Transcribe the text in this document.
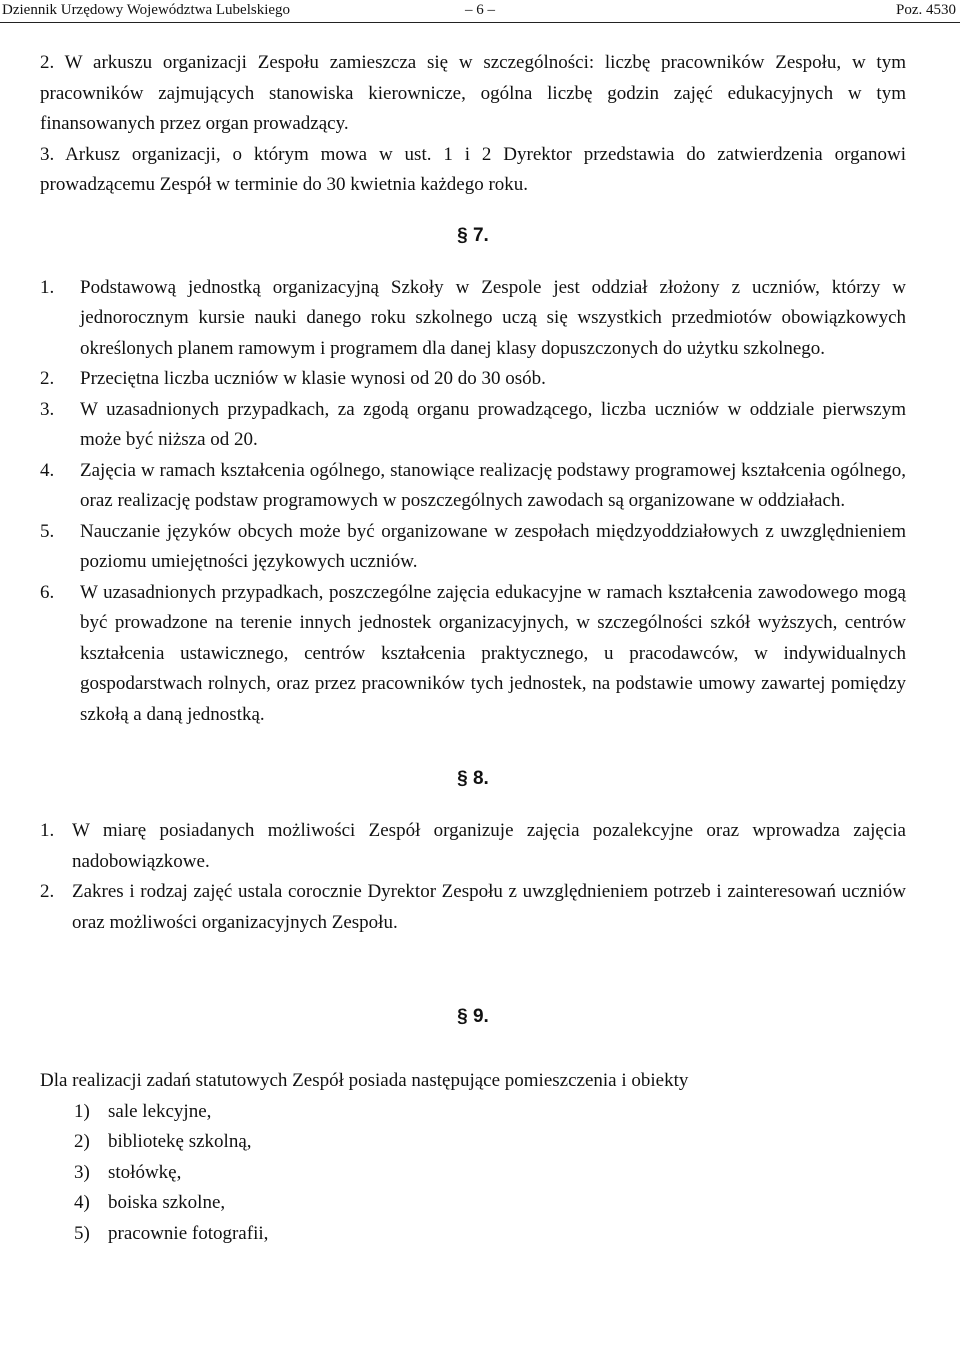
Dziennik Urzędowy Województwa Lubelskiego	– 6 –	Poz. 4530

2. W arkuszu organizacji Zespołu zamieszcza się w szczególności: liczbę pracowników Zespołu, w tym pracowników zajmujących stanowiska kierownicze, ogólna liczbę godzin zajęć edukacyjnych w tym finansowanych przez organ prowadzący.

3. Arkusz organizacji, o którym mowa w ust. 1 i 2 Dyrektor przedstawia do zatwierdzenia organowi prowadzącemu Zespół w terminie do 30 kwietnia każdego roku.

§ 7.
1.	Podstawową jednostką organizacyjną Szkoły w Zespole jest oddział złożony z uczniów, którzy w jednorocznym kursie nauki danego roku szkolnego uczą się wszystkich przedmiotów obowiązkowych określonych planem ramowym i programem dla danej klasy dopuszczonych do użytku szkolnego.
2.	Przeciętna liczba uczniów w klasie wynosi od 20 do 30 osób.
3.	W uzasadnionych przypadkach, za zgodą organu prowadzącego, liczba uczniów w oddziale pierwszym może być niższa od 20.
4.	Zajęcia w ramach kształcenia ogólnego, stanowiące realizację podstawy programowej kształcenia ogólnego, oraz realizację podstaw programowych w poszczególnych zawodach są organizowane w oddziałach.
5.	Nauczanie języków obcych może być organizowane w zespołach międzyoddziałowych z uwzględnieniem poziomu umiejętności językowych uczniów.
6.	W uzasadnionych przypadkach, poszczególne zajęcia edukacyjne w ramach kształcenia zawodowego mogą być prowadzone na terenie innych jednostek organizacyjnych, w szczególności szkół wyższych, centrów kształcenia ustawicznego, centrów kształcenia praktycznego, u pracodawców, w indywidualnych gospodarstwach rolnych, oraz przez pracowników tych jednostek, na podstawie umowy zawartej pomiędzy szkołą a daną jednostką.
§ 8.
1. W miarę posiadanych możliwości Zespół organizuje zajęcia pozalekcyjne oraz wprowadza zajęcia nadobowiązkowe.
2. Zakres i rodzaj zajęć ustala corocznie Dyrektor Zespołu z uwzględnieniem potrzeb i zainteresowań uczniów oraz możliwości organizacyjnych Zespołu.
§ 9.

Dla realizacji zadań statutowych Zespół posiada następujące pomieszczenia i obiekty

1) sale lekcyjne,
2) bibliotekę szkolną,
3) stołówkę,
4) boiska szkolne,
5) pracownie fotografii,
